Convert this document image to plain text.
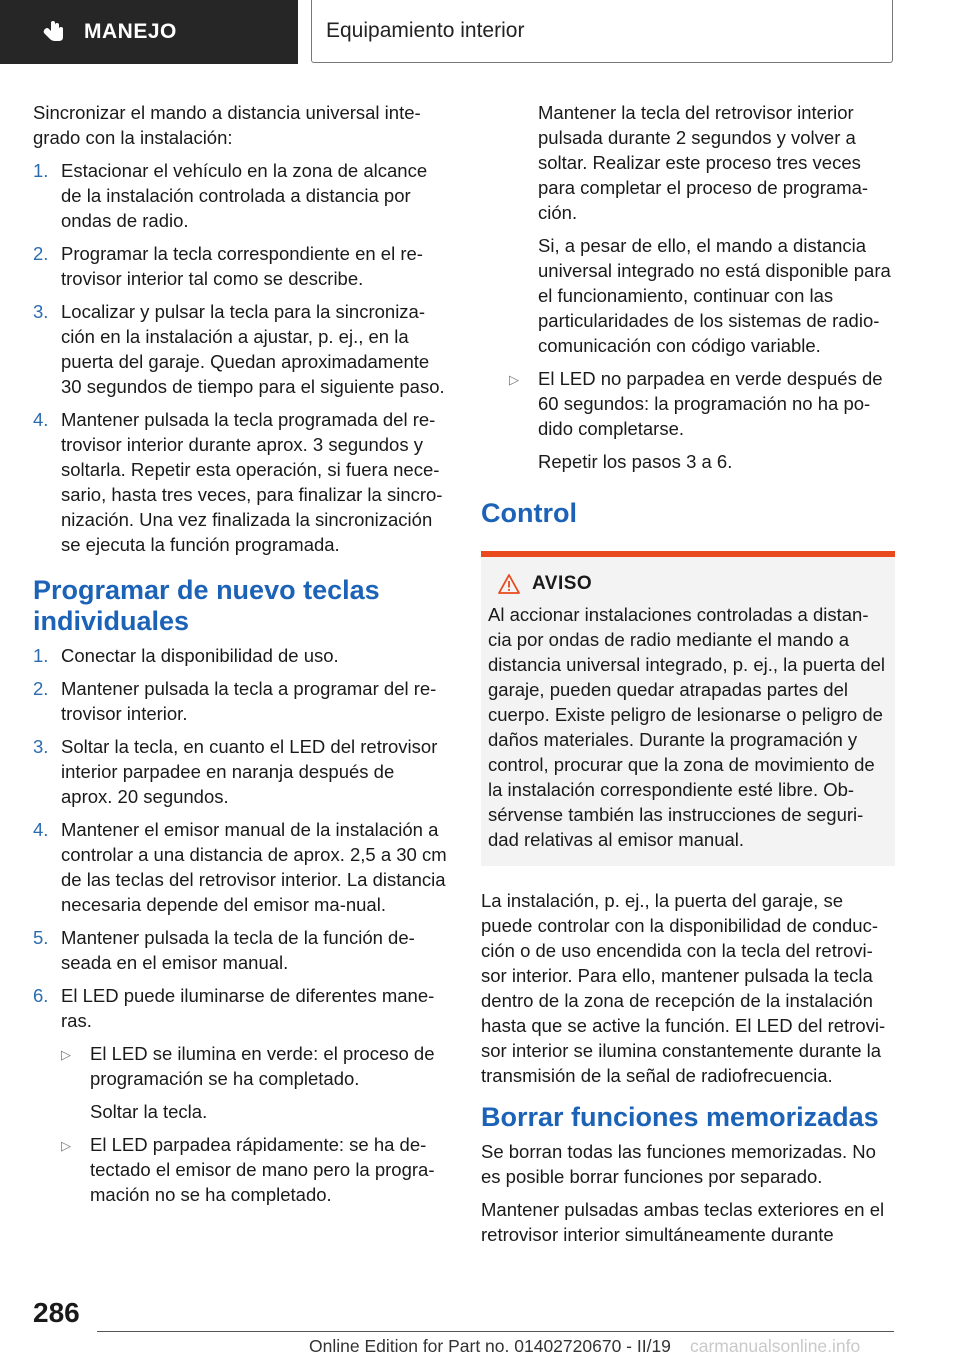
MANEJO	Equipamiento interior

Sincronizar el mando a distancia universal inte-grado con la instalación:

1. Estacionar el vehículo en la zona de alcance de la instalación controlada a distancia por ondas de radio.
2. Programar la tecla correspondiente en el re-trovisor interior tal como se describe.
3. Localizar y pulsar la tecla para la sincroniza-ción en la instalación a ajustar, p. ej., en la puerta del garaje. Quedan aproximadamente 30 segundos de tiempo para el siguiente paso.
4. Mantener pulsada la tecla programada del re-trovisor interior durante aprox. 3 segundos y soltarla. Repetir esta operación, si fuera nece-sario, hasta tres veces, para finalizar la sincro-nización. Una vez finalizada la sincronización se ejecuta la función programada.
Programar de nuevo teclas individuales
1. Conectar la disponibilidad de uso.
2. Mantener pulsada la tecla a programar del re-trovisor interior.
3. Soltar la tecla, en cuanto el LED del retrovisor interior parpadee en naranja después de aprox. 20 segundos.
4. Mantener el emisor manual de la instalación a controlar a una distancia de aprox. 2,5 a 30 cm de las teclas del retrovisor interior. La distancia necesaria depende del emisor ma-nual.
5. Mantener pulsada la tecla de la función de-seada en el emisor manual.
6. El LED puede iluminarse de diferentes mane-ras.
▷	El LED se ilumina en verde: el proceso de programación se ha completado.
Soltar la tecla.
▷	El LED parpadea rápidamente: se ha de-tectado el emisor de mano pero la progra-mación no se ha completado.

Mantener la tecla del retrovisor interior pulsada durante 2 segundos y volver a soltar. Realizar este proceso tres veces para completar el proceso de programa-ción.

Si, a pesar de ello, el mando a distancia universal integrado no está disponible para el funcionamiento, continuar con las particularidades de los sistemas de radio-comunicación con código variable.

▷	El LED no parpadea en verde después de 60 segundos: la programación no ha po-dido completarse.
Repetir los pasos 3 a 6.
Control
AVISO
Al accionar instalaciones controladas a distan-cia por ondas de radio mediante el mando a distancia universal integrado, p. ej., la puerta del garaje, pueden quedar atrapadas partes del cuerpo. Existe peligro de lesionarse o peligro de daños materiales. Durante la programación y control, procurar que la zona de movimiento de la instalación correspondiente esté libre. Ob-sérvense también las instrucciones de seguri-dad relativas al emisor manual.

La instalación, p. ej., la puerta del garaje, se puede controlar con la disponibilidad de conduc-ción o de uso encendida con la tecla del retrovi-sor interior. Para ello, mantener pulsada la tecla dentro de la zona de recepción de la instalación hasta que se active la función. El LED del retrovi-sor interior se ilumina constantemente durante la transmisión de la señal de radiofrecuencia.

Borrar funciones memorizadas

Se borran todas las funciones memorizadas. No es posible borrar funciones por separado.

Mantener pulsadas ambas teclas exteriores en el retrovisor interior simultáneamente durante

286
Online Edition for Part no. 01402720670 - II/19 carmanualsonline.info
